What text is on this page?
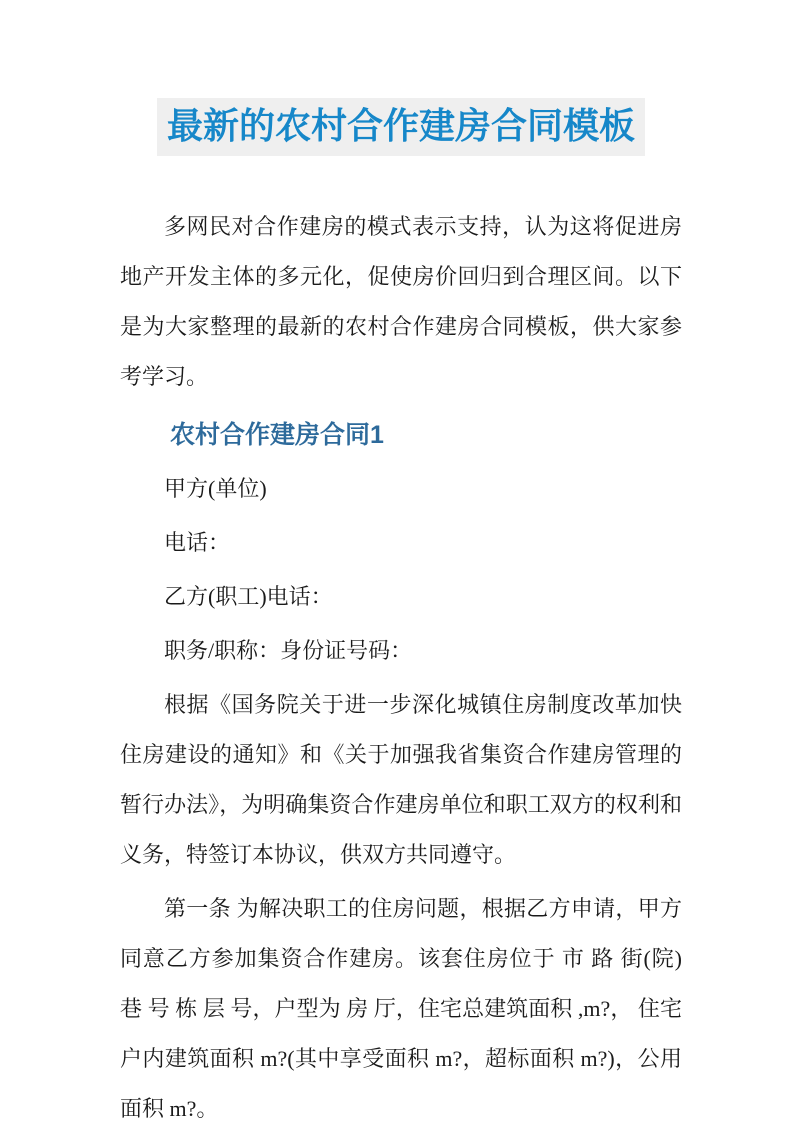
最新的农村合作建房合同模板

多网民对合作建房的模式表示支持，认为这将促进房地产开发主体的多元化，促使房价回归到合理区间。以下是为大家整理的最新的农村合作建房合同模板，供大家参考学习。

农村合作建房合同1

甲方(单位)

电话：

乙方(职工)电话：

职务/职称：身份证号码：

根据《国务院关于进一步深化城镇住房制度改革加快住房建设的通知》和《关于加强我省集资合作建房管理的暂行办法》，为明确集资合作建房单位和职工双方的权利和义务，特签订本协议，供双方共同遵守。

第一条 为解决职工的住房问题，根据乙方申请，甲方同意乙方参加集资合作建房。该套住房位于 市 路 街(院) 巷 号 栋 层 号，户型为 房 厅，住宅总建筑面积 ,m?， 住宅户内建筑面积 m?(其中享受面积 m?，超标面积 m?)，公用面积 m?。
